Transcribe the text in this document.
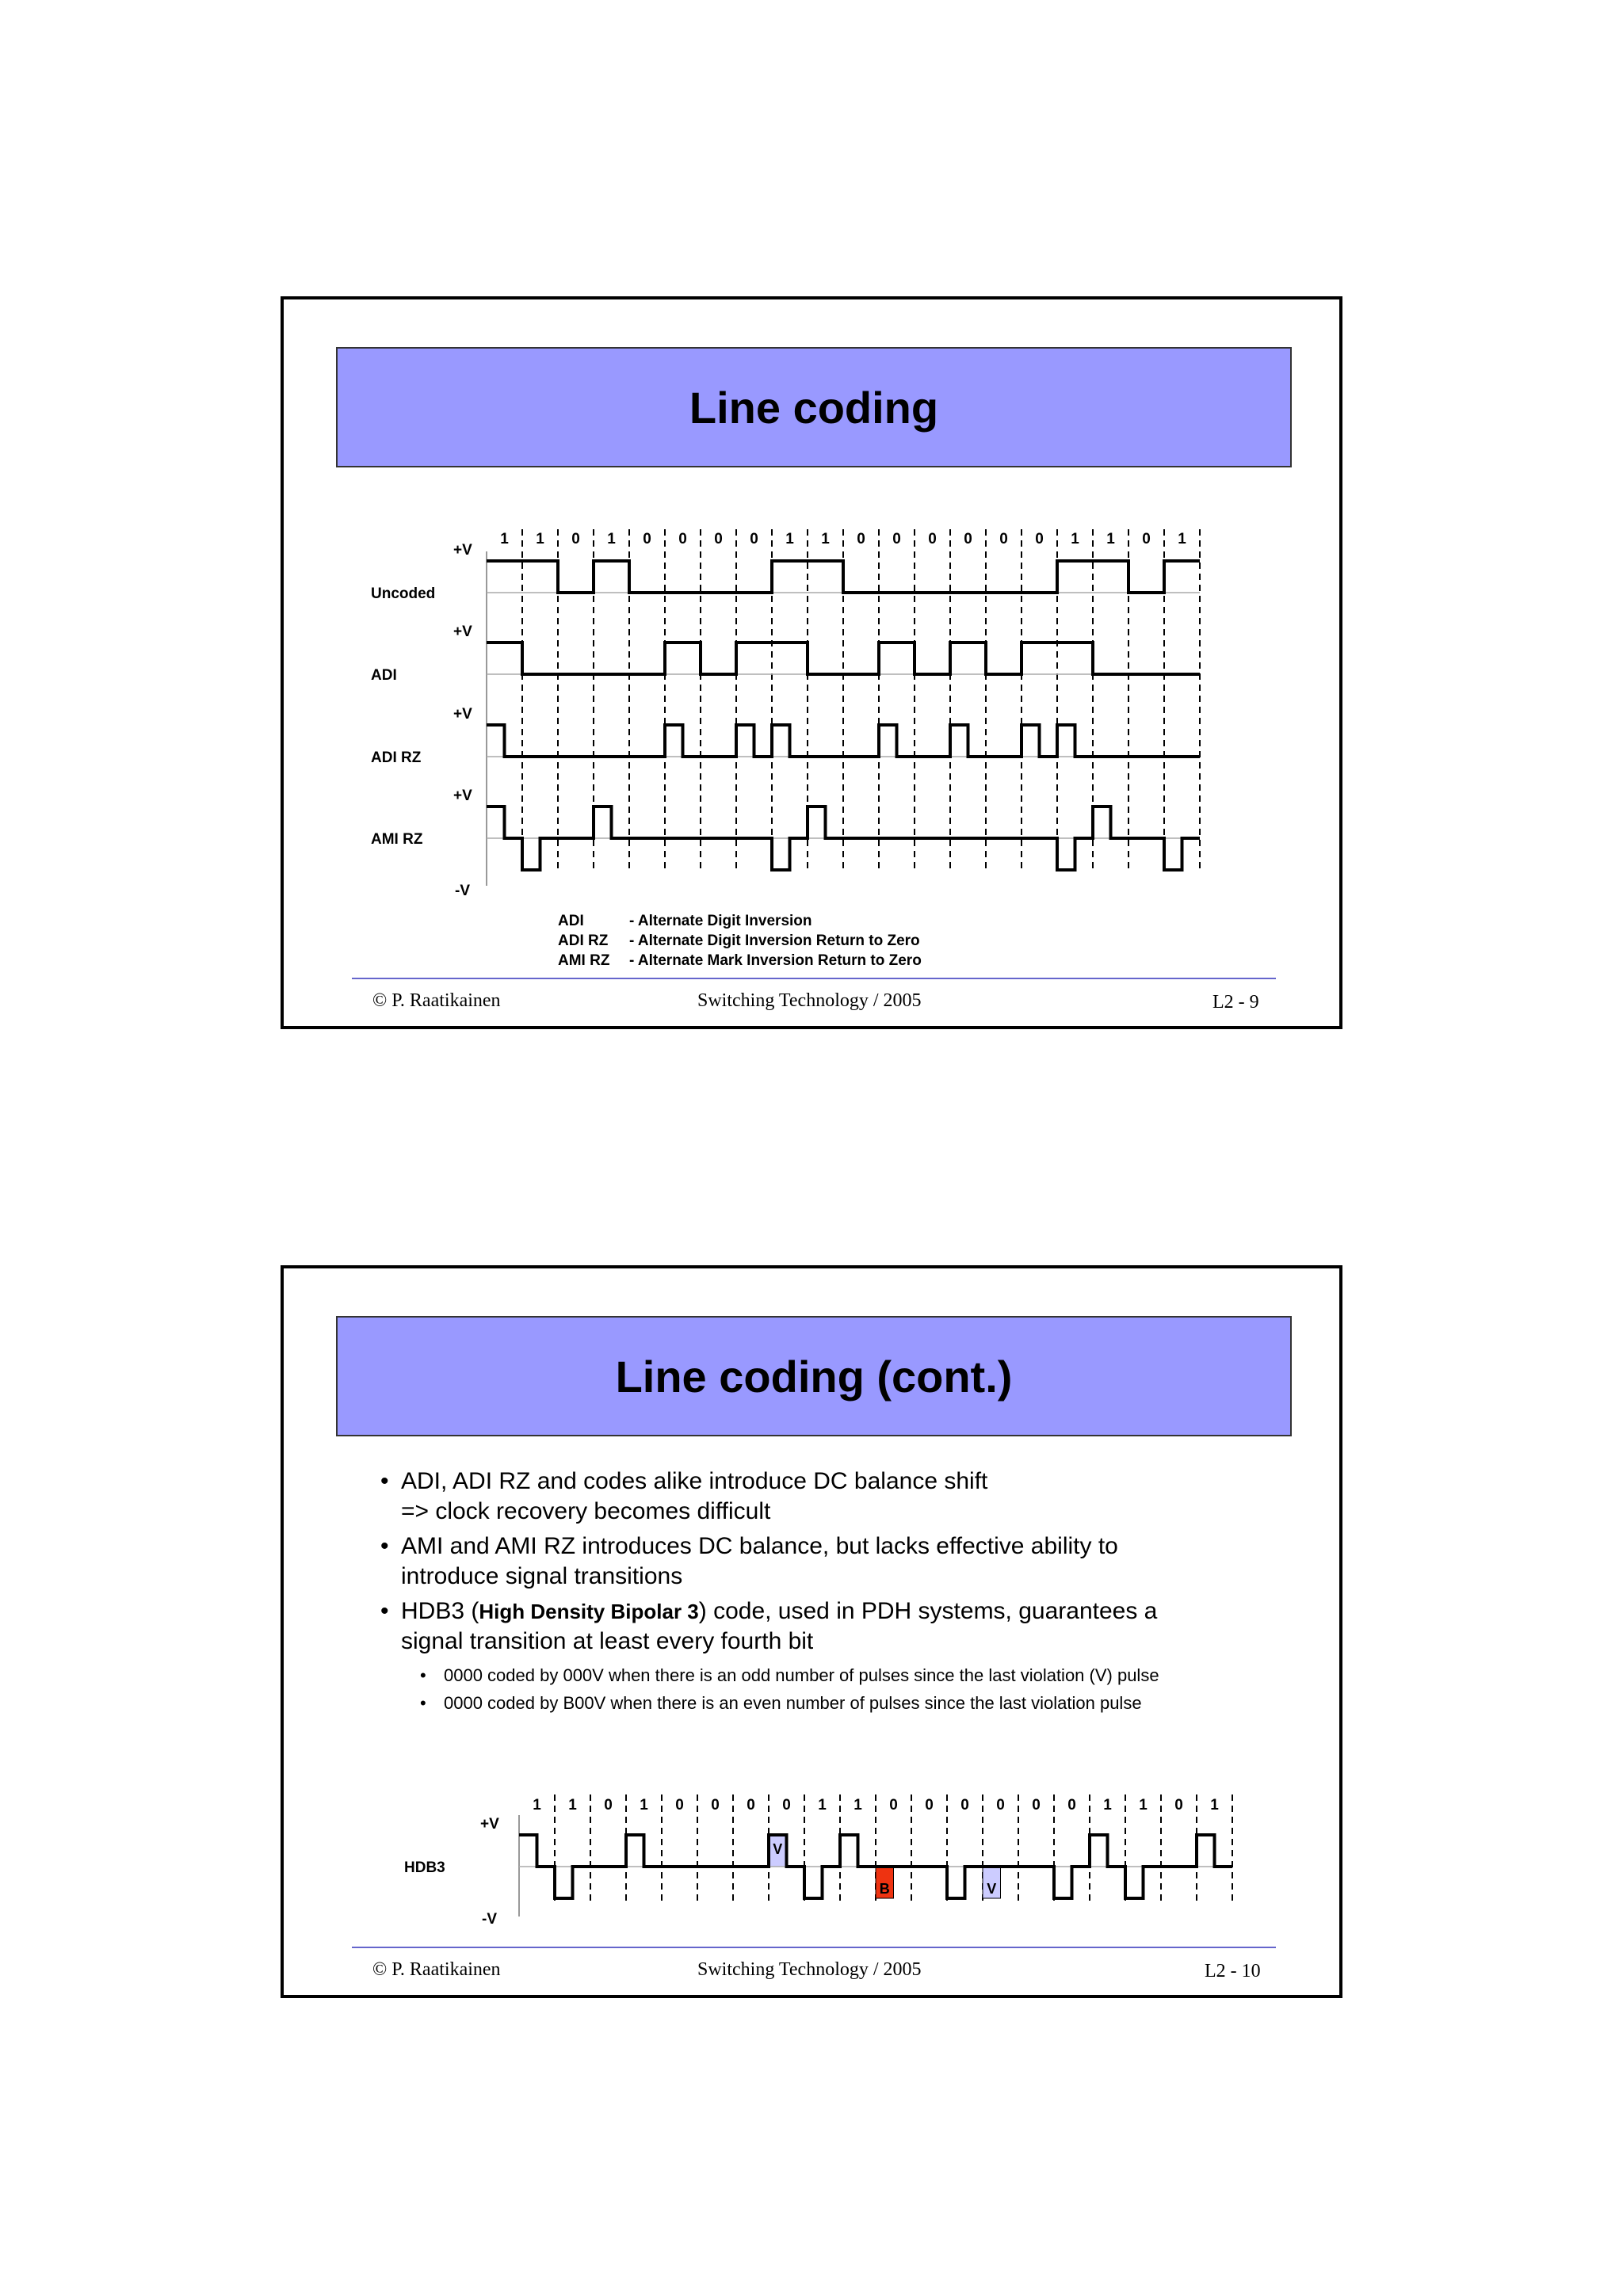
Line coding
1 1 0 1 0 0 0 0 1 1 0 0 0 0 0 0 1 1 0 1
Uncoded
+V
ADI
+V
ADI RZ
+V
AMI RZ
+V
-V
ADI	- Alternate Digit Inversion
ADI RZ	- Alternate Digit Inversion Return to Zero
AMI RZ	- Alternate Mark Inversion Return to Zero
© P. Raatikainen	Switching Technology / 2005	L2 - 9
Line coding (cont.)
• ADI, ADI RZ and codes alike introduce DC balance shift
=> clock recovery becomes difficult
• AMI and AMI RZ introduces DC balance, but lacks effective ability to
introduce signal transitions
• HDB3 (High Density Bipolar 3) code, used in PDH systems, guarantees a
signal transition at least every fourth bit
• 0000 coded by 000V when there is an odd number of pulses since the last violation (V) pulse
• 0000 coded by B00V when there is an even number of pulses since the last violation pulse
1 1 0 1 0 0 0 0 1 1 0 0 0 0 0 0 1 1 0 1
V
B	V
HDB3
+V
-V
© P. Raatikainen	Switching Technology / 2005	L2 - 10
